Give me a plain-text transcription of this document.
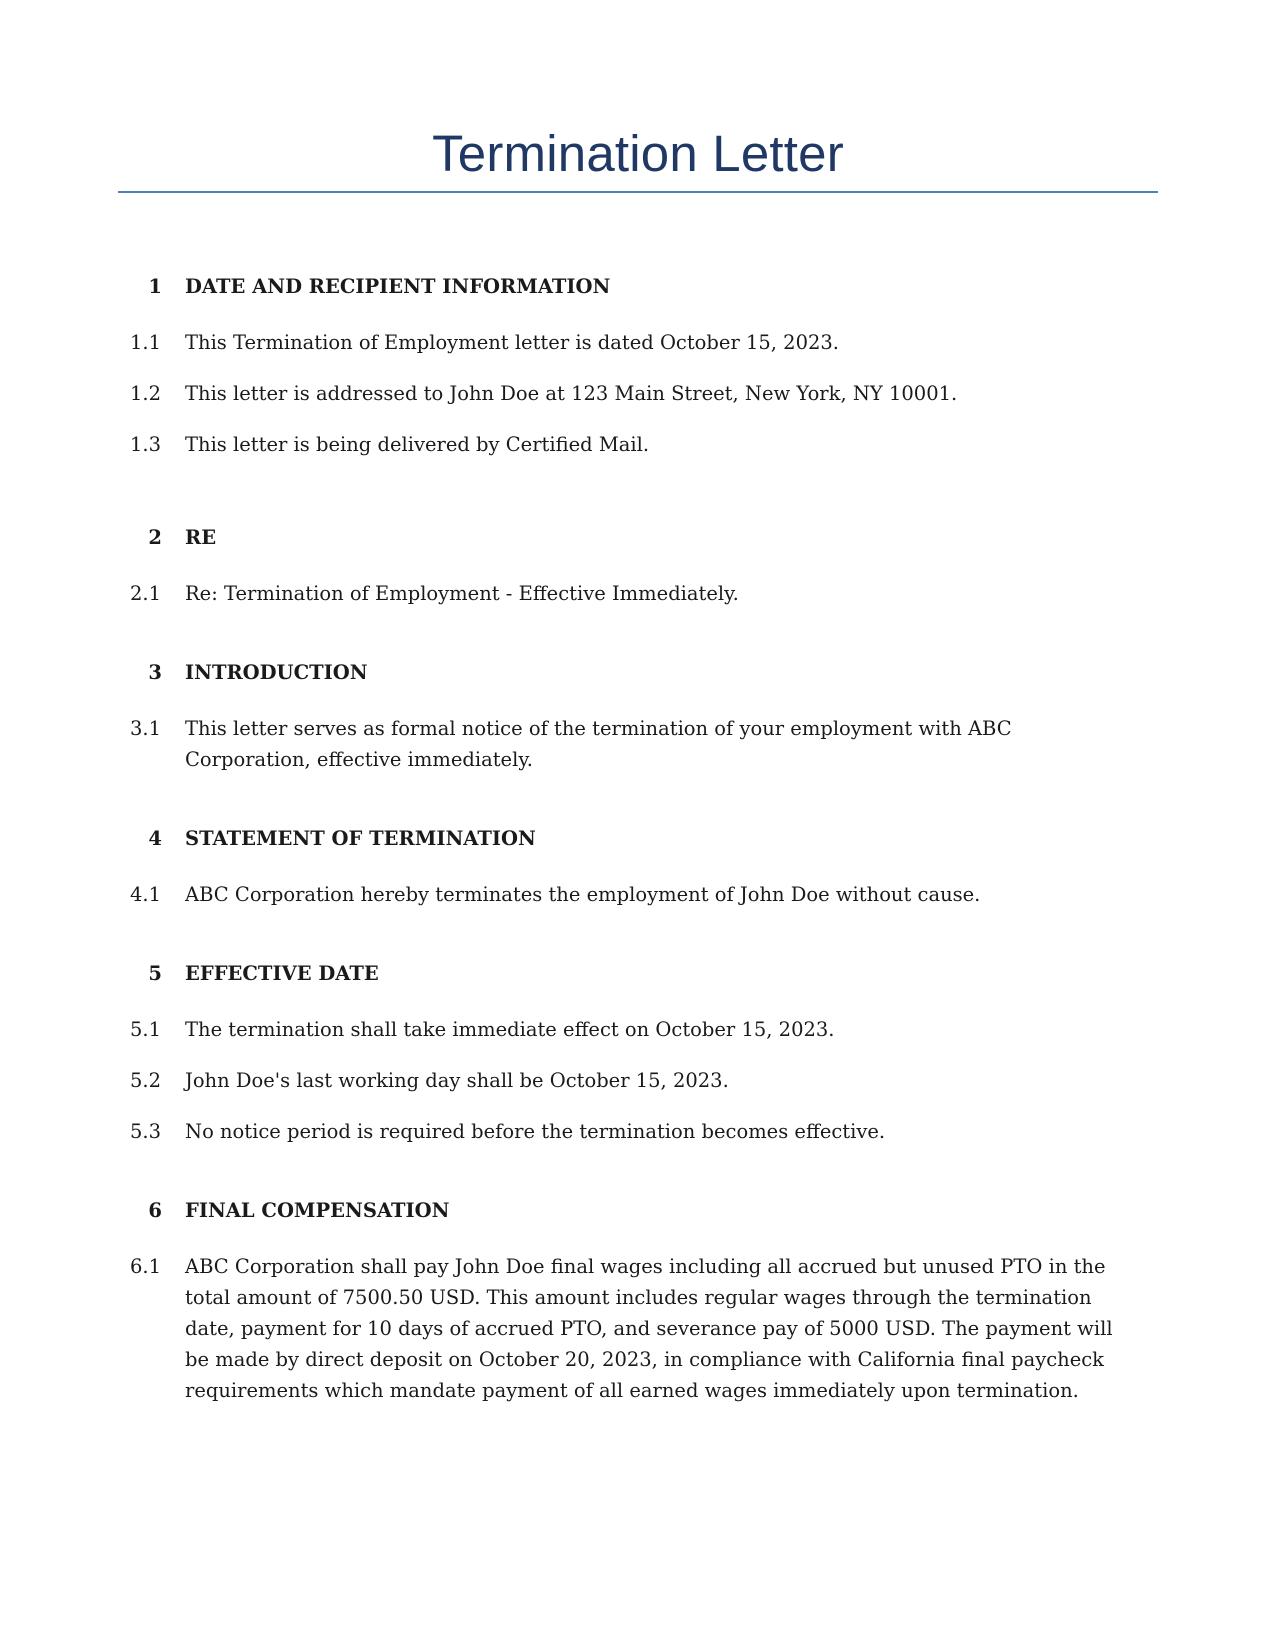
Termination Letter
1	DATE AND RECIPIENT INFORMATION
1.1	This Termination of Employment letter is dated October 15, 2023.
1.2	This letter is addressed to John Doe at 123 Main Street, New York, NY 10001.
1.3	This letter is being delivered by Certified Mail.
2	RE
2.1	Re: Termination of Employment - Effective Immediately.
3	INTRODUCTION
3.1	This letter serves as formal notice of the termination of your employment with ABC Corporation, effective immediately.
4	STATEMENT OF TERMINATION
4.1	ABC Corporation hereby terminates the employment of John Doe without cause.
5	EFFECTIVE DATE
5.1	The termination shall take immediate effect on October 15, 2023.
5.2	John Doe's last working day shall be October 15, 2023.
5.3	No notice period is required before the termination becomes effective.
6	FINAL COMPENSATION
6.1	ABC Corporation shall pay John Doe final wages including all accrued but unused PTO in the total amount of 7500.50 USD. This amount includes regular wages through the termination date, payment for 10 days of accrued PTO, and severance pay of 5000 USD. The payment will be made by direct deposit on October 20, 2023, in compliance with California final paycheck requirements which mandate payment of all earned wages immediately upon termination.
